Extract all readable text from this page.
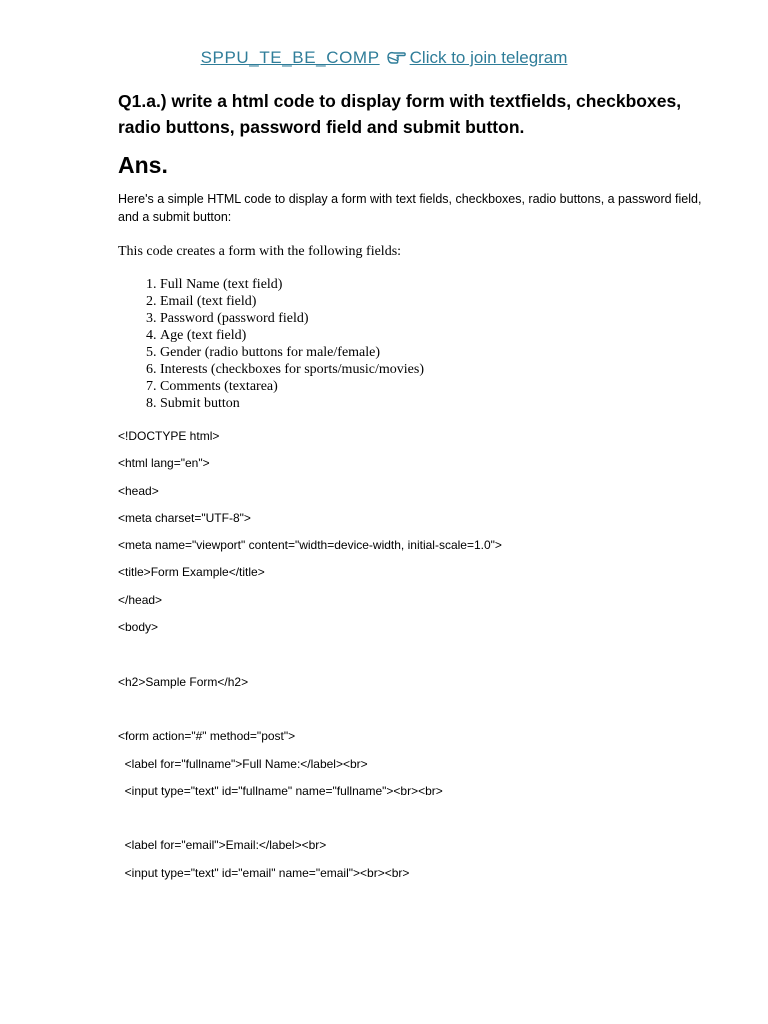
SPPU_TE_BE_COMP Click to join telegram
Q1.a.) write a html code to display form with textfields, checkboxes, radio buttons, password field and submit button.
Ans.
Here's a simple HTML code to display a form with text fields, checkboxes, radio buttons, a password field, and a submit button:
This code creates a form with the following fields:
1. Full Name (text field)
2. Email (text field)
3. Password (password field)
4. Age (text field)
5. Gender (radio buttons for male/female)
6. Interests (checkboxes for sports/music/movies)
7. Comments (textarea)
8. Submit button
<!DOCTYPE html>
<html lang="en">
<head>
<meta charset="UTF-8">
<meta name="viewport" content="width=device-width, initial-scale=1.0">
<title>Form Example</title>
</head>
<body>
<h2>Sample Form</h2>
<form action="#" method="post">
<label for="fullname">Full Name:</label><br>
<input type="text" id="fullname" name="fullname"><br><br>
<label for="email">Email:</label><br>
<input type="text" id="email" name="email"><br><br>
